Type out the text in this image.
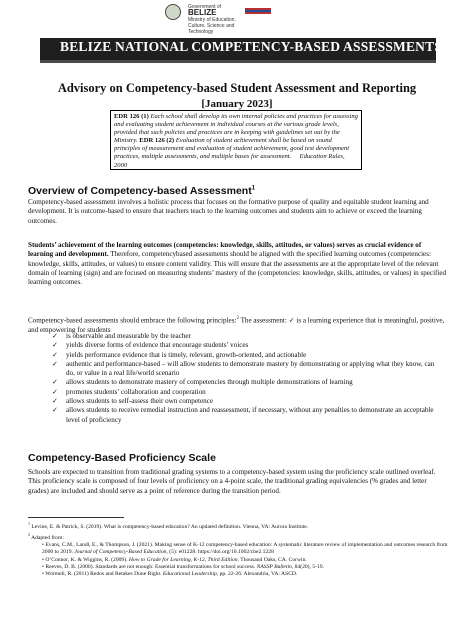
Government of
BELIZE
Ministry of Education, Culture, Science and Technology
BELIZE NATIONAL COMPETENCY-BASED ASSESSMENTS
Advisory on Competency-based Student Assessment and Reporting
[January 2023]
EDR 126 (1) Each school shall develop its own internal policies and practices for assessing and evaluating student achievement in individual courses at the various grade levels, provided that such policies and practices are in keeping with guidelines set out by the Ministry. EDR 126 (2) Evaluation of student achievement shall be based on sound principles of measurement and evaluation of student achievement, good test development practices, multiple assessments, and multiple bases for assessment. Education Rules, 2000
Overview of Competency-based Assessment$^1$
Competency-based assessment involves a holistic process that focuses on the formative purpose of quality and equitable student learning and development. It is outcome-based to ensure that teachers teach to the learning outcomes and students aim to achieve or exceed the learning outcomes.
Students’ achievement of the learning outcomes (competencies: knowledge, skills, attitudes, or values) serves as crucial evidence of learning and development. Therefore, competencybased assessments should be aligned with the specified learning outcomes (competencies: knowledge, skills, attitudes, or values) to ensure content validity. This will ensure that the assessments are at the appropriate level of the relevant domain of learning (sign) and are focused on measuring students’ mastery of the (competencies: knowledge, skills, attitudes, or values) in specified learning outcomes.
Competency-based assessments should embrace the following principles:$^2$ The assessment: ✓ is a learning experience that is meaningful, positive, and empowering for students
✓ is observable and measurable by the teacher
✓ yields diverse forms of evidence that encourage students’ voices
✓ yields performance evidence that is timely, relevant, growth-oriented, and actionable
✓ authentic and performance-based – will allow students to demonstrate mastery by demonstrating or applying what they know, can do, or value in a real life/world scenario
✓ allows students to demonstrate mastery of competencies through multiple demonstrations of learning
✓ promotes students’ collaboration and cooperation
✓ allows students to self-assess their own competence
✓ allows students to receive remedial instruction and reassessment, if necessary, without any penalties to demonstrate an acceptable level of proficiency
Competency-Based Proficiency Scale
Schools are expected to transition from traditional grading systems to a competency-based system using the proficiency scale outlined overleaf. This proficiency scale is composed of four levels of proficiency on a 4-point scale, the traditional grading equivalencies (% grades and letter grades) are included and should serve as a point of reference during the transition period.
$^1$ Levine, E. & Patrick, S. (2019). What is competency-based education? An updated definition. Vienna, VA: Aurora Institute.
$^2$ Adapted from:
• Evans, C.M., Landl, E., & Thompson, J. (2021). Making sense of K-12 competency-based education: A systematic literature review of implementation and outcomes research from 2000 to 2019. Journal of Competency-Based Education, (5): e01228. https://doi.org/10.1002/cbe2.1228
• O’Connor, K. & Wiggins, R. (2009). How to Grade for Learning, K-12, Third Edition. Thousand Oaks, CA. Corwin.
• Reeves, D. B. (2000). Standards are not enough: Essential transformations for school success. NASSP Bulletin, 84(20), 5-19.
• Wormeli, R. (2011) Redos and Retakes Done Right. Educational Leadership, pp. 22-26. Alexandria, VA: ASCD.
